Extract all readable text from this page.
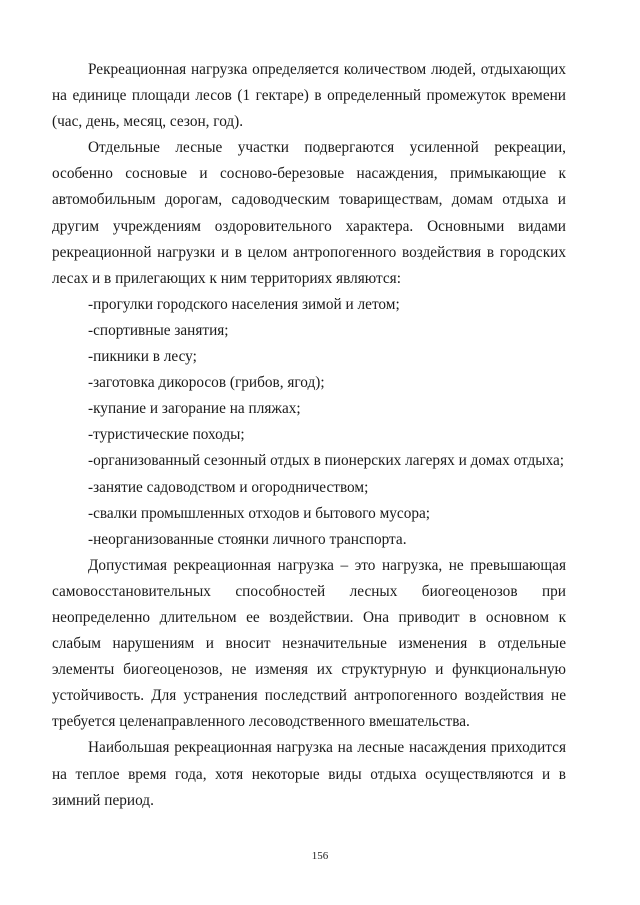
Рекреационная нагрузка определяется количеством людей, отдыхающих на единице площади лесов (1 гектаре) в определенный промежуток времени (час, день, месяц, сезон, год).

Отдельные лесные участки подвергаются усиленной рекреации, особенно сосновые и сосново-березовые насаждения, примыкающие к автомобильным дорогам, садоводческим товариществам, домам отдыха и другим учреждениям оздоровительного характера. Основными видами рекреационной нагрузки и в целом антропогенного воздействия в городских лесах и в прилегающих к ним территориях являются:

-прогулки городского населения зимой и летом;
-спортивные занятия;
-пикники в лесу;
-заготовка дикоросов (грибов, ягод);
-купание и загорание на пляжах;
-туристические походы;
-организованный сезонный отдых в пионерских лагерях и домах отдыха;
-занятие садоводством и огородничеством;
-свалки промышленных отходов и бытового мусора;
-неорганизованные стоянки личного транспорта.

Допустимая рекреационная нагрузка – это нагрузка, не превышающая самовосстановительных способностей лесных биогеоценозов при неопределенно длительном ее воздействии. Она приводит в основном к слабым нарушениям и вносит незначительные изменения в отдельные элементы биогеоценозов, не изменяя их структурную и функциональную устойчивость. Для устранения последствий антропогенного воздействия не требуется целенаправленного лесоводственного вмешательства.

Наибольшая рекреационная нагрузка на лесные насаждения приходится на теплое время года, хотя некоторые виды отдыха осуществляются и в зимний период.

156
